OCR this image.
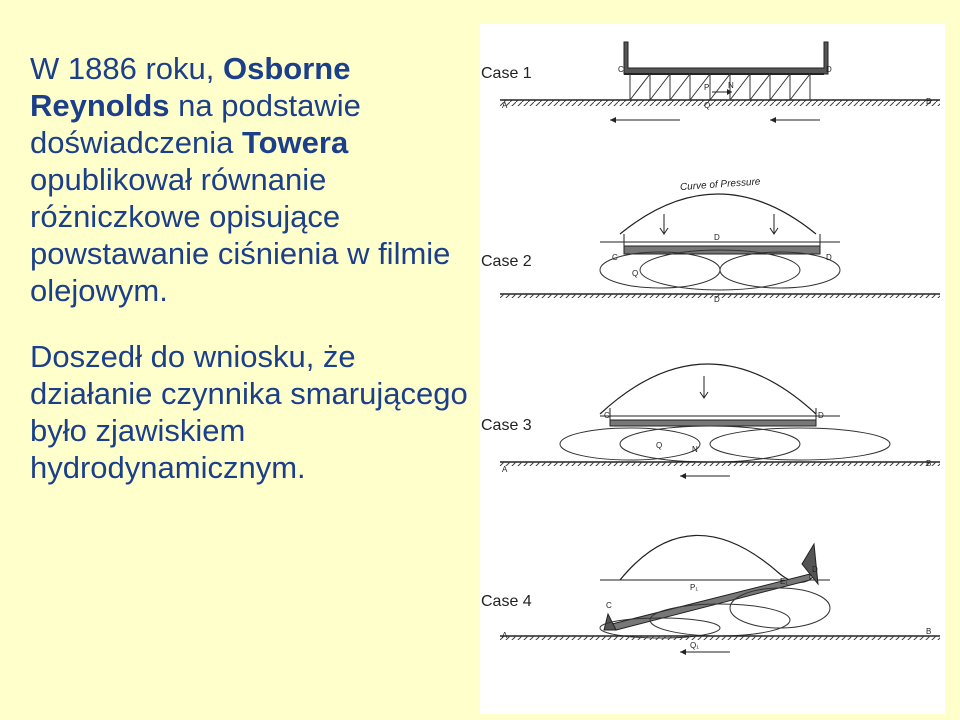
W 1886 roku, Osborne Reynolds na podstawie doświadczenia Towera opublikował równanie różniczkowe opisujące powstawanie ciśnienia w filmie olejowym.
Doszedł do wniosku, że działanie czynnika smarującego było zjawiskiem hydrodynamicznym.
Case 1	C	D
P N
Q
A	B
Case 2
Curve of Pressure
C	D
D
Q
D
Case 3
C	D
Q	N
A
B
Case 4
P₁
C
D
E₁
Q₁
A	B
